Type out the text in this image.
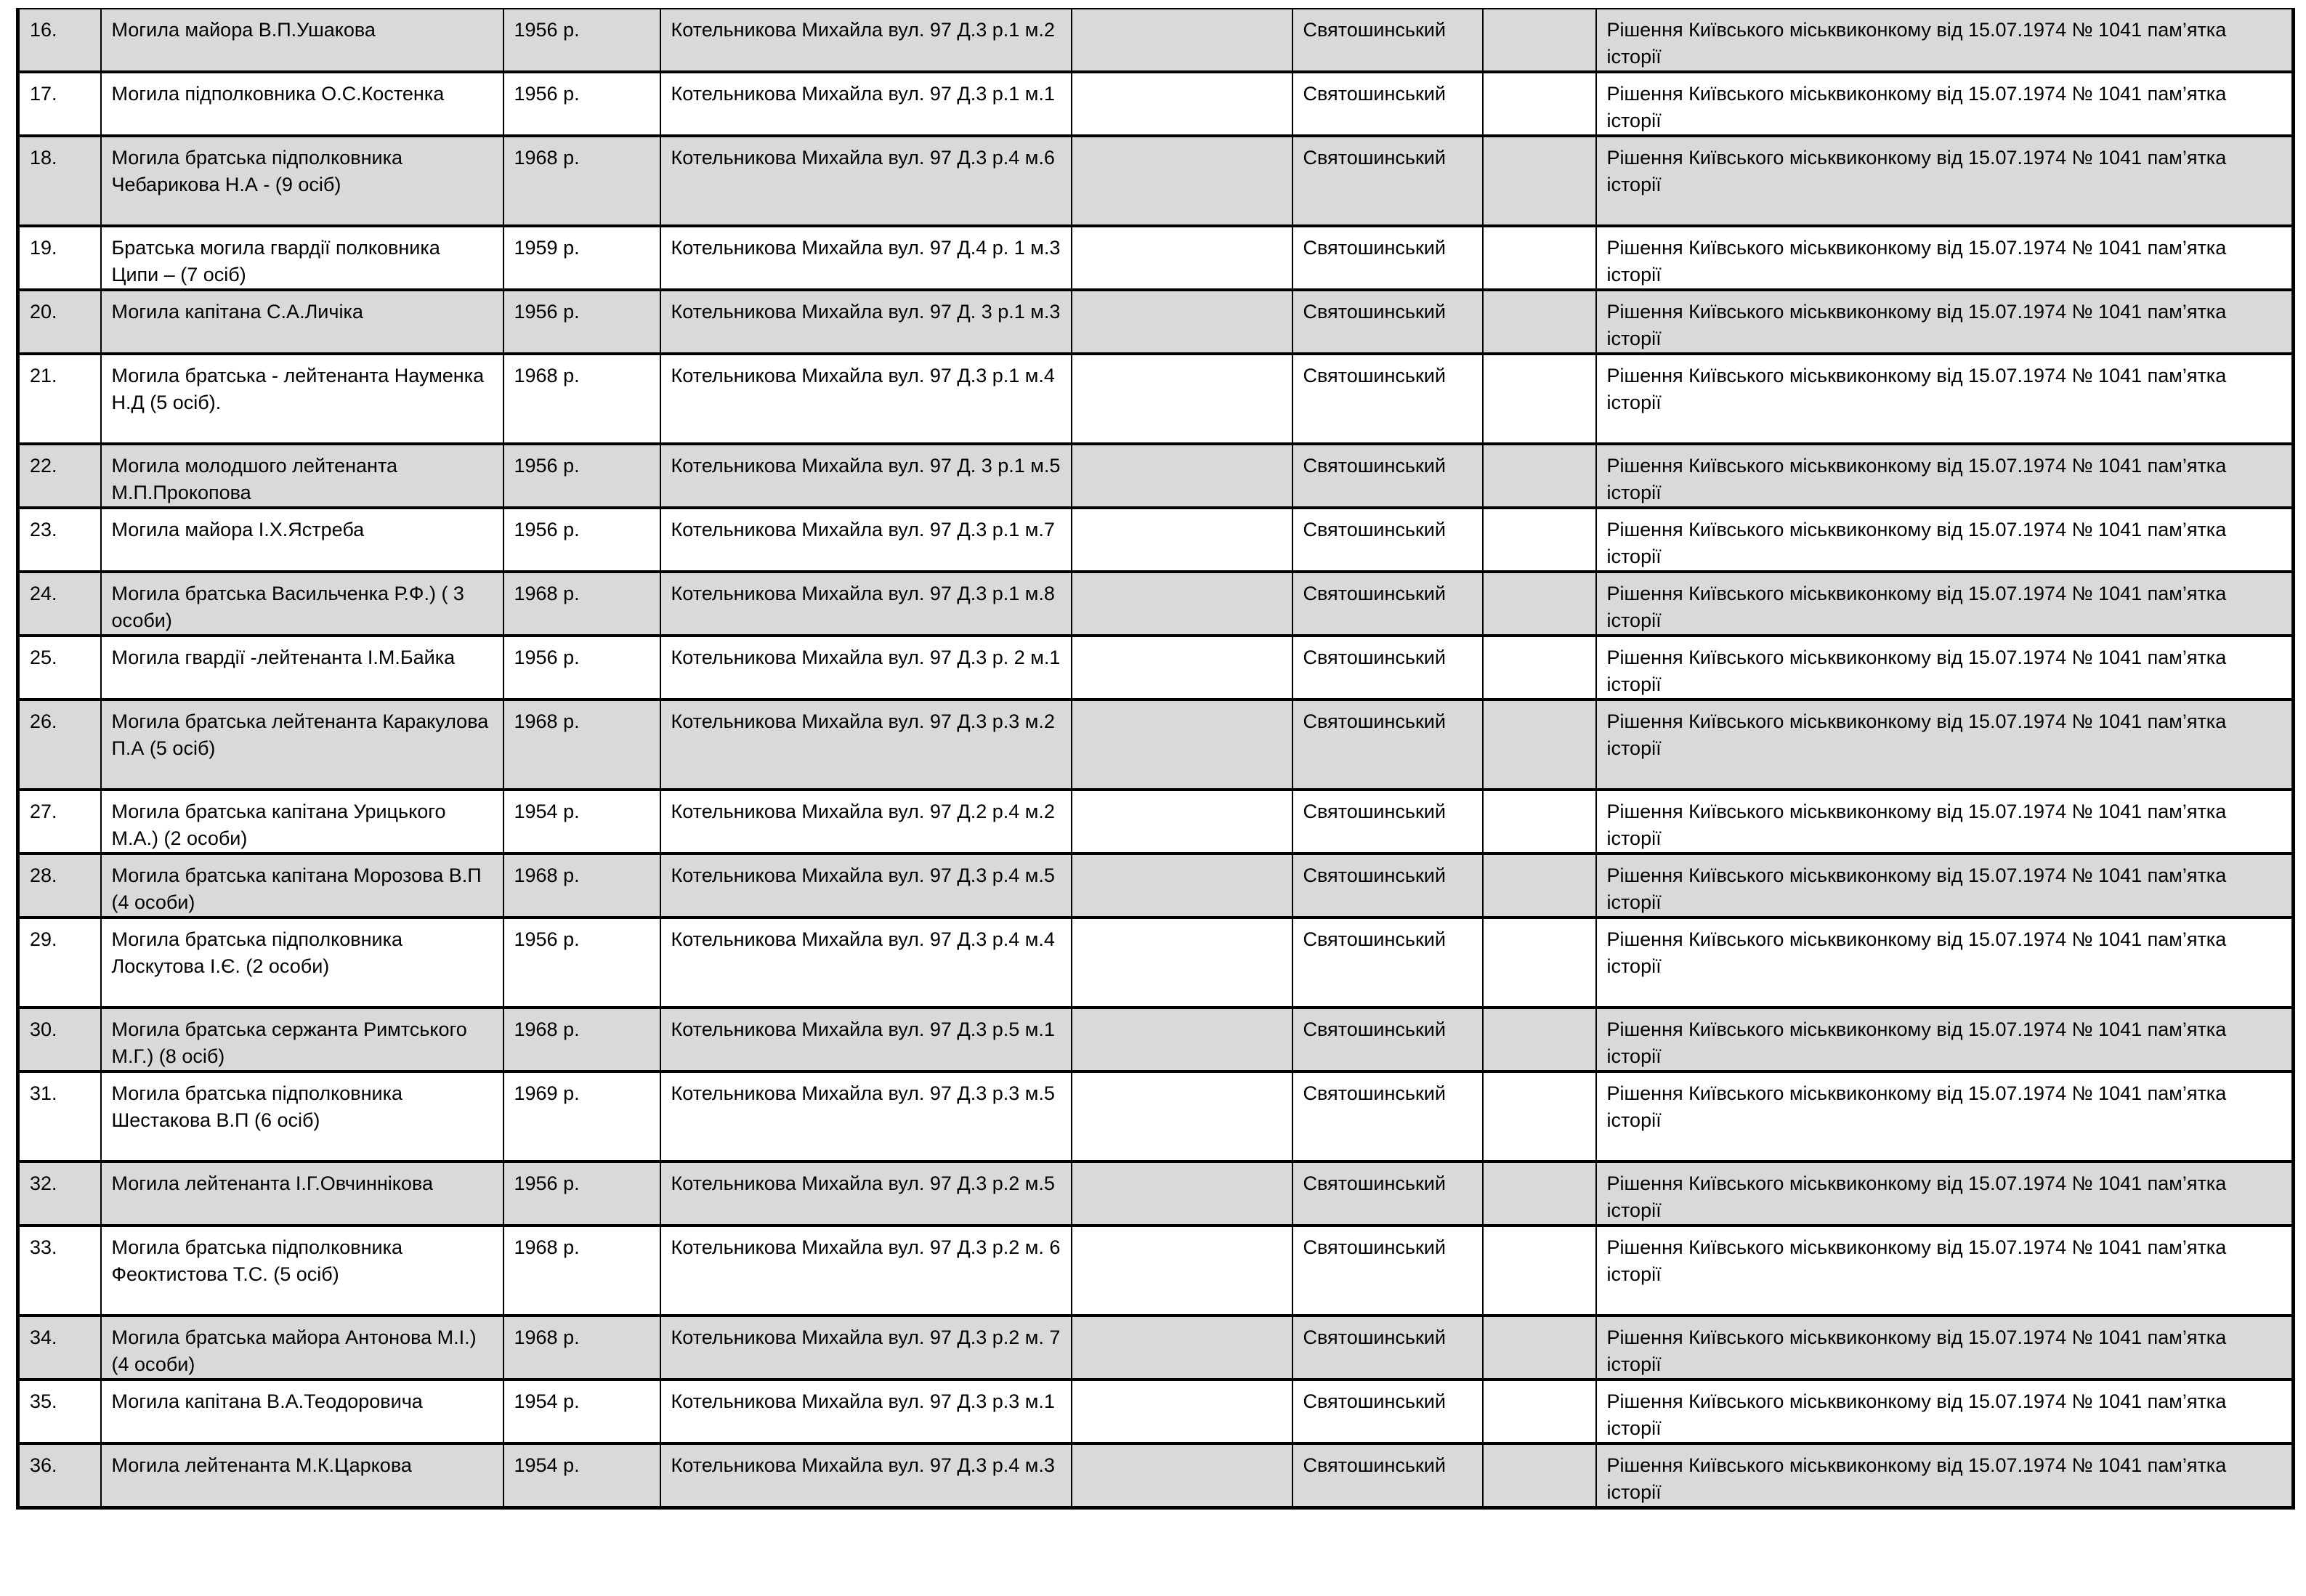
16.	Могила майора В.П.Ушакова	1956 р.	Котельникова Михайла вул. 97 Д.3 р.1 м.2		Святошинський		Рішення Київського міськвиконкому від 15.07.1974 № 1041 пам’ятка історії
17.	Могила підполковника О.С.Костенка	1956 р.	Котельникова Михайла вул. 97 Д.3 р.1 м.1		Святошинський		Рішення Київського міськвиконкому від 15.07.1974 № 1041 пам’ятка історії
18.	Могила братська підполковника Чебарикова Н.А - (9 осіб)	1968 р.	Котельникова Михайла вул. 97 Д.3 р.4 м.6		Святошинський		Рішення Київського міськвиконкому від 15.07.1974 № 1041 пам’ятка історії
19.	Братська могила гвардії полковника Ципи – (7 осіб)	1959 р.	Котельникова Михайла вул. 97 Д.4 р. 1 м.3		Святошинський		Рішення Київського міськвиконкому від 15.07.1974 № 1041 пам’ятка історії
20.	Могила капітана С.А.Личіка	1956 р.	Котельникова Михайла вул. 97 Д. 3 р.1 м.3		Святошинський		Рішення Київського міськвиконкому від 15.07.1974 № 1041 пам’ятка історії
21.	Могила братська - лейтенанта Науменка Н.Д (5 осіб).	1968 р.	Котельникова Михайла вул. 97 Д.3 р.1 м.4		Святошинський		Рішення Київського міськвиконкому від 15.07.1974 № 1041 пам’ятка історії
22.	Могила молодшого лейтенанта М.П.Прокопова	1956 р.	Котельникова Михайла вул. 97 Д. 3 р.1 м.5		Святошинський		Рішення Київського міськвиконкому від 15.07.1974 № 1041 пам’ятка історії
23.	Могила майора І.Х.Ястреба	1956 р.	Котельникова Михайла вул. 97 Д.3 р.1 м.7		Святошинський		Рішення Київського міськвиконкому від 15.07.1974 № 1041 пам’ятка історії
24.	Могила братська Васильченка Р.Ф.) ( 3 особи)	1968 р.	Котельникова Михайла вул. 97 Д.3 р.1 м.8		Святошинський		Рішення Київського міськвиконкому від 15.07.1974 № 1041 пам’ятка історії
25.	Могила гвардії -лейтенанта І.М.Байка	1956 р.	Котельникова Михайла вул. 97 Д.3 р. 2 м.1		Святошинський		Рішення Київського міськвиконкому від 15.07.1974 № 1041 пам’ятка історії
26.	Могила братська лейтенанта Каракулова П.А (5 осіб)	1968 р.	Котельникова Михайла вул. 97 Д.3 р.3 м.2		Святошинський		Рішення Київського міськвиконкому від 15.07.1974 № 1041 пам’ятка історії
27.	Могила братська капітана Урицького М.А.) (2 особи)	1954 р.	Котельникова Михайла вул. 97 Д.2 р.4 м.2		Святошинський		Рішення Київського міськвиконкому від 15.07.1974 № 1041 пам’ятка історії
28.	Могила братська капітана Морозова В.П (4 особи)	1968 р.	Котельникова Михайла вул. 97 Д.3 р.4 м.5		Святошинський		Рішення Київського міськвиконкому від 15.07.1974 № 1041 пам’ятка історії
29.	Могила братська підполковника Лоскутова І.Є. (2 особи)	1956 р.	Котельникова Михайла вул. 97 Д.3 р.4 м.4		Святошинський		Рішення Київського міськвиконкому від 15.07.1974 № 1041 пам’ятка історії
30.	Могила братська сержанта Римтського М.Г.) (8 осіб)	1968 р.	Котельникова Михайла вул. 97 Д.3 р.5 м.1		Святошинський		Рішення Київського міськвиконкому від 15.07.1974 № 1041 пам’ятка історії
31.	Могила братська підполковника Шестакова В.П (6 осіб)	1969 р.	Котельникова Михайла вул. 97 Д.3 р.3 м.5		Святошинський		Рішення Київського міськвиконкому від 15.07.1974 № 1041 пам’ятка історії
32.	Могила лейтенанта І.Г.Овчиннікова	1956 р.	Котельникова Михайла вул. 97 Д.3 р.2 м.5		Святошинський		Рішення Київського міськвиконкому від 15.07.1974 № 1041 пам’ятка історії
33.	Могила братська підполковника Феоктистова Т.С. (5 осіб)	1968 р.	Котельникова Михайла вул. 97 Д.3 р.2 м. 6		Святошинський		Рішення Київського міськвиконкому від 15.07.1974 № 1041 пам’ятка історії
34.	Могила братська майора Антонова М.І.) (4 особи)	1968 р.	Котельникова Михайла вул. 97 Д.3 р.2 м. 7		Святошинський		Рішення Київського міськвиконкому від 15.07.1974 № 1041 пам’ятка історії
35.	Могила капітана В.А.Теодоровича	1954 р.	Котельникова Михайла вул. 97 Д.3 р.3 м.1		Святошинський		Рішення Київського міськвиконкому від 15.07.1974 № 1041 пам’ятка історії
36.	Могила лейтенанта М.К.Царкова	1954 р.	Котельникова Михайла вул. 97 Д.3 р.4 м.3		Святошинський		Рішення Київського міськвиконкому від 15.07.1974 № 1041 пам’ятка історії
